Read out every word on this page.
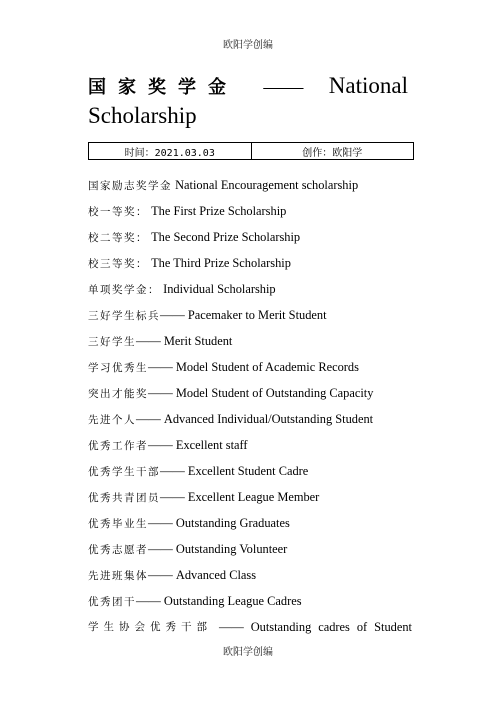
欧阳学创编
国家奖学金 —— National
Scholarship
时间：2021.03.03	创作：欧阳学
国家励志奖学金 National Encouragement scholarship
校一等奖： The First Prize Scholarship
校二等奖： The Second Prize Scholarship
校三等奖： The Third Prize Scholarship
单项奖学金： Individual Scholarship
三好学生标兵—— Pacemaker to Merit Student
三好学生—— Merit Student
学习优秀生—— Model Student of Academic Records
突出才能奖—— Model Student of Outstanding Capacity
先进个人—— Advanced Individual/Outstanding Student
优秀工作者—— Excellent staff
优秀学生干部—— Excellent Student Cadre
优秀共青团员—— Excellent League Member
优秀毕业生—— Outstanding Graduates
优秀志愿者—— Outstanding Volunteer
先进班集体—— Advanced Class
优秀团干—— Outstanding League Cadres
学生协会优秀干部 —— Outstanding cadres of Student
欧阳学创编
